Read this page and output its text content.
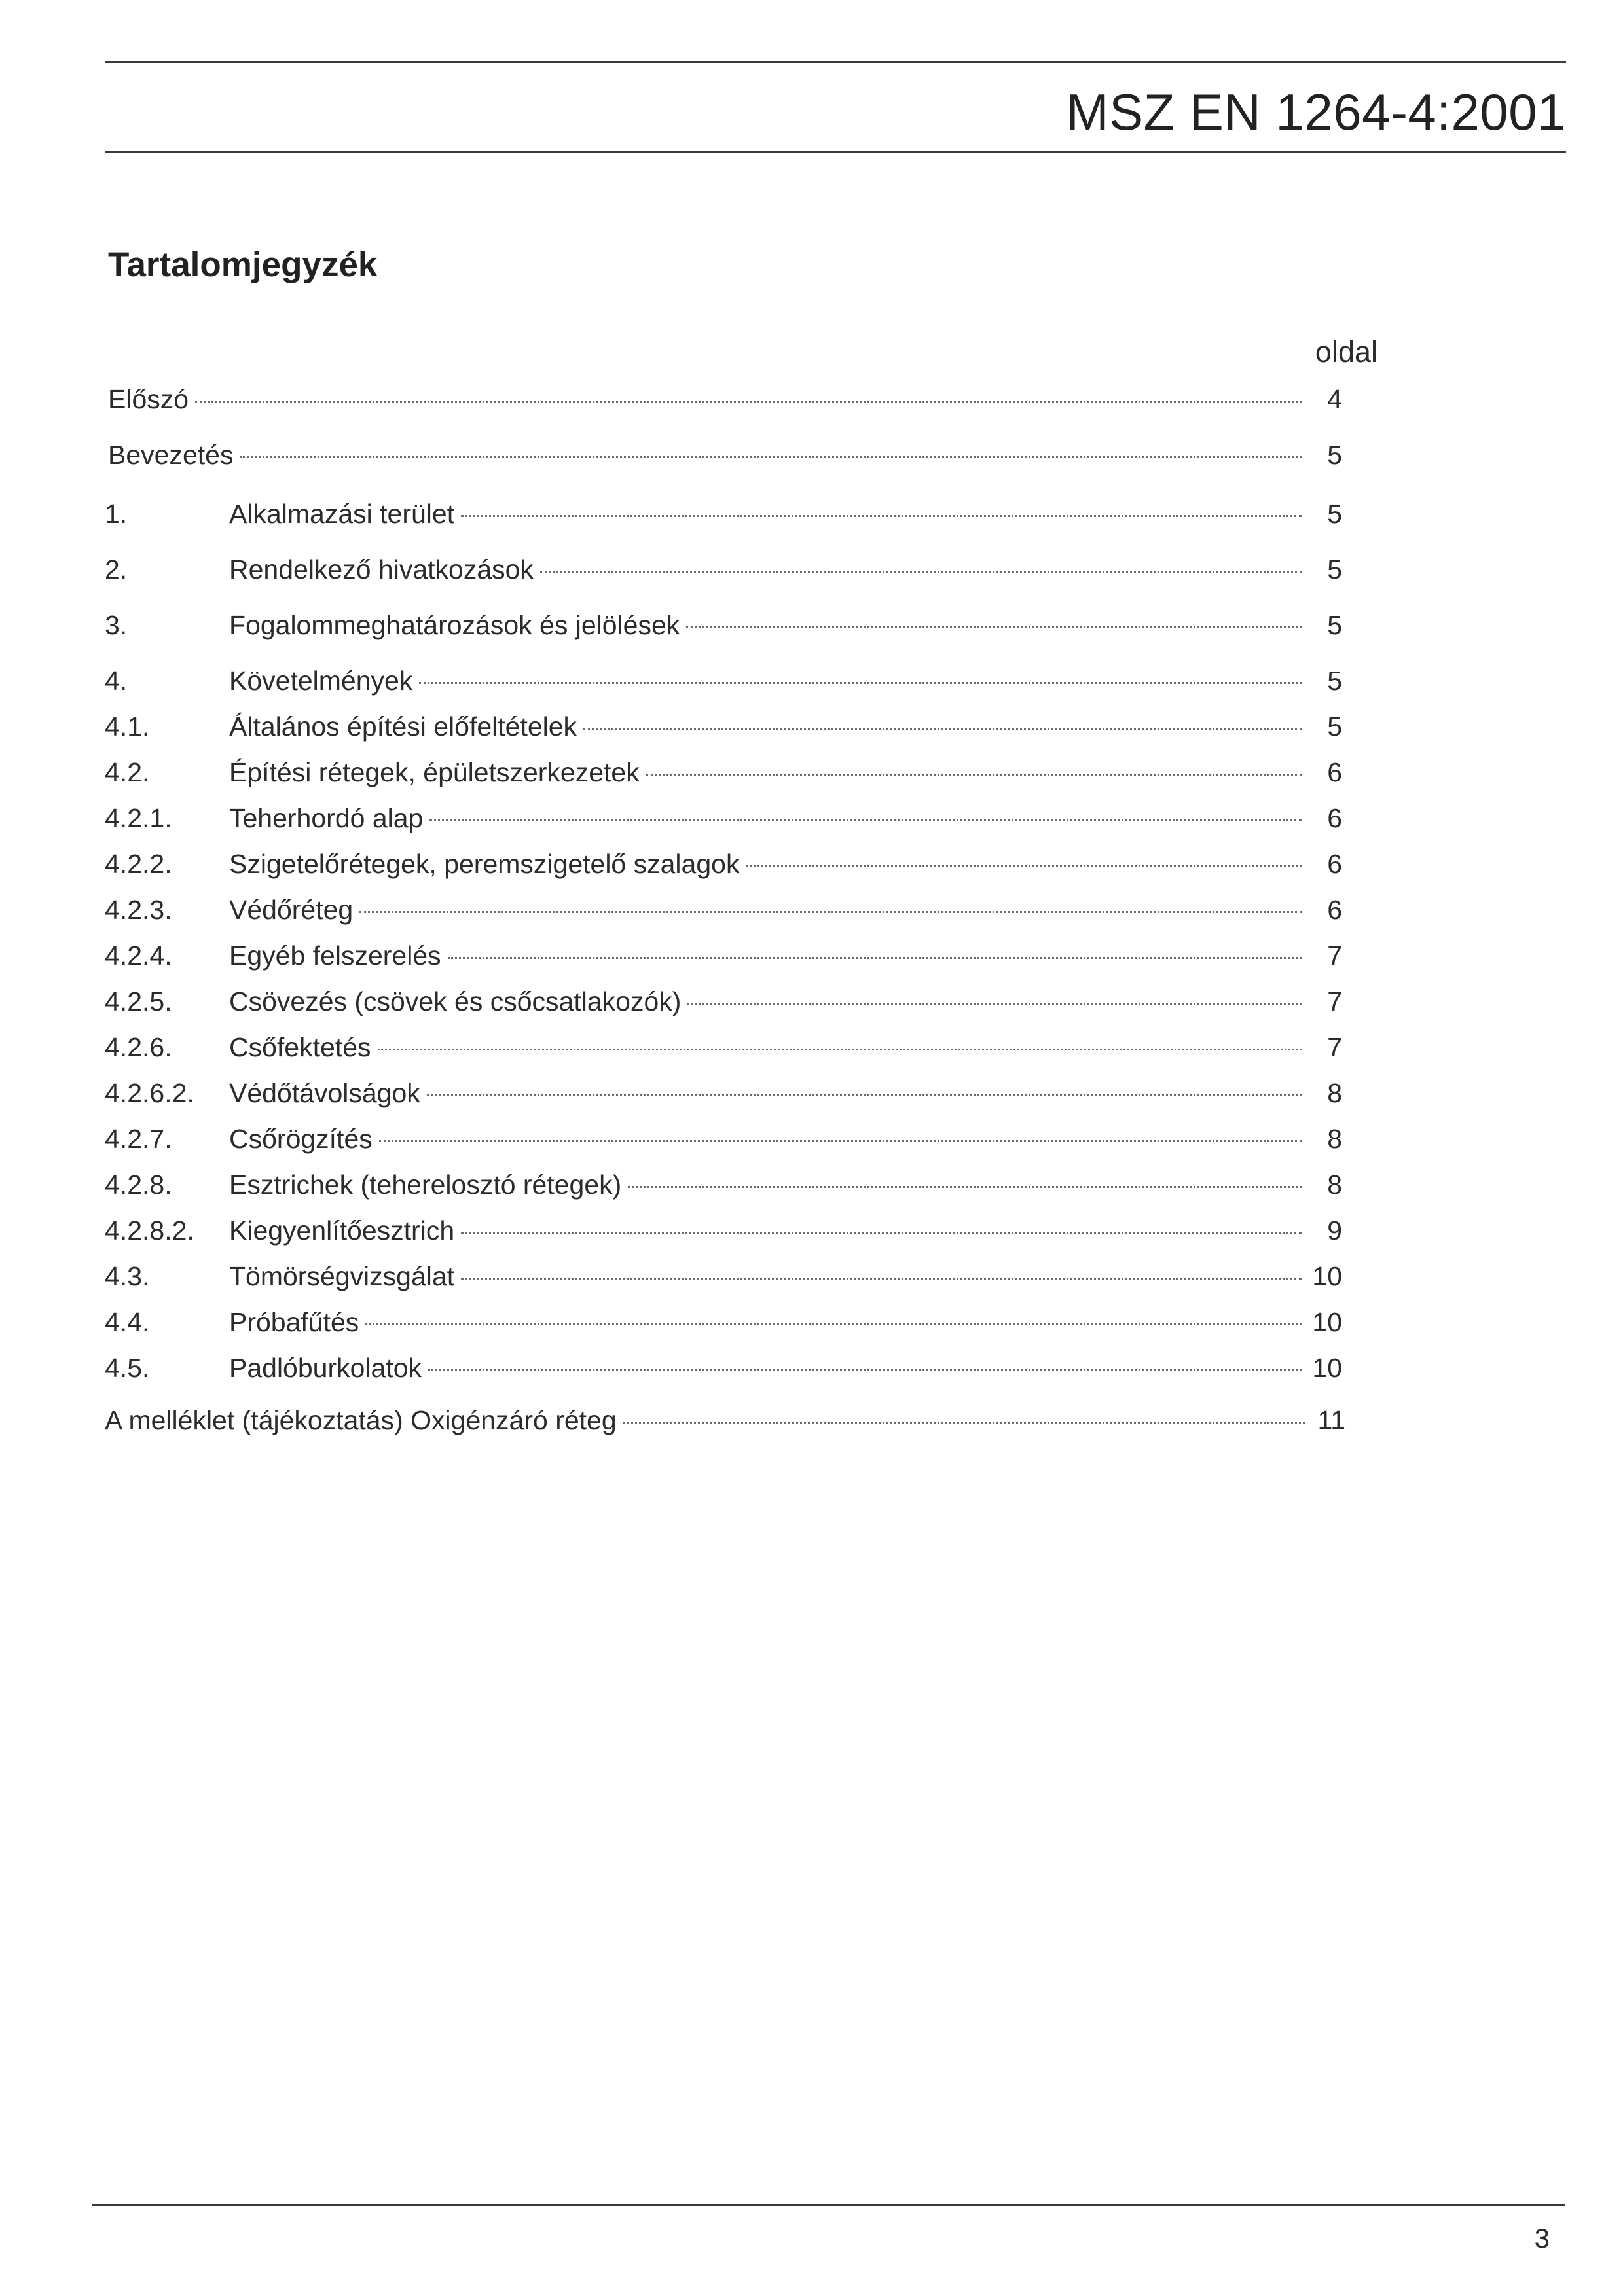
MSZ EN 1264-4:2001
Tartalomjegyzék
oldal
Előszó	4
Bevezetés	5
1.	Alkalmazási terület	5
2.	Rendelkező hivatkozások	5
3.	Fogalommeghatározások és jelölések	5
4.	Követelmények	5
4.1.	Általános építési előfeltételek	5
4.2.	Építési rétegek, épületszerkezetek	6
4.2.1. Teherhordó alap	6
4.2.2. Szigetelőrétegek, peremszigetelő szalagok	6
4.2.3. Védőréteg	6
4.2.4. Egyéb felszerelés	7
4.2.5. Csövezés (csövek és csőcsatlakozók)	7
4.2.6. Csőfektetés	7
4.2.6.2. Védőtávolságok	8
4.2.7. Csőrögzítés	8
4.2.8. Esztrichek (teherelosztó rétegek)	8
4.2.8.2. Kiegyenlítőesztrich	9
4.3.	Tömörségvizsgálat	10
4.4.	Próbafűtés	10
4.5.	Padlóburkolatok	10
A melléklet (tájékoztatás) Oxigénzáró réteg	11
3
